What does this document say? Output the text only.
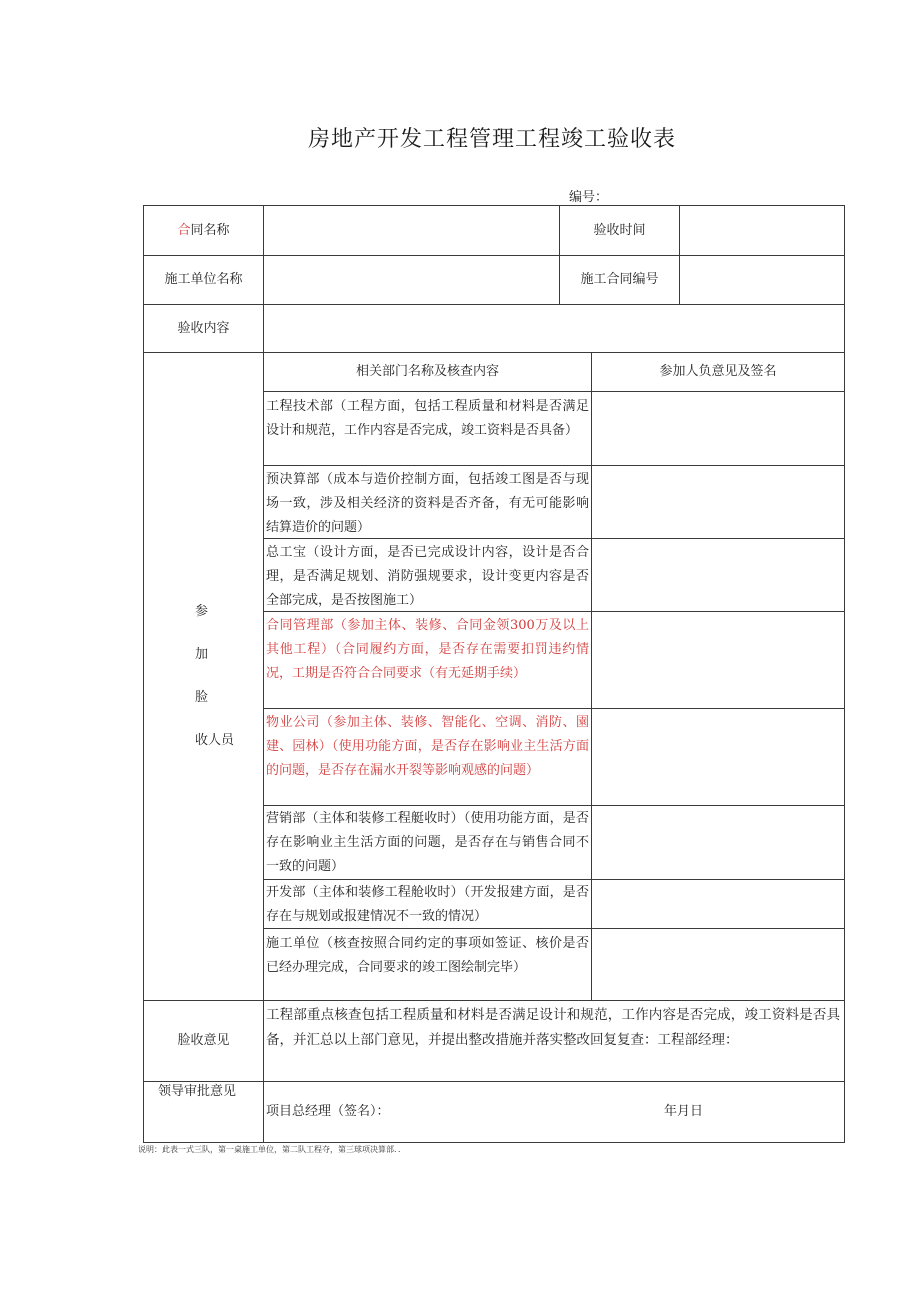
房地产开发工程管理工程竣工验收表
编号：
合 同名称	验收时间
施工单位名称	施工合同编号
验收内容
相关部门名称及核查内容	参加人负意见及签名
参
加
脸
收人员
工程技术部（工程方面，包括工程质量和材料是否满足设计和规范，工作内容是否完成，竣工资料是否具备）
预决算部（成本与造价控制方面，包括竣工图是否与现场一致，涉及相关经济的资料是否齐备，有无可能影响结算造价的问题）
总工宝（设计方面，是否已完成设计内容，设计是否合理，是否满足规划、消防强规要求，设计变更内容是否全部完成，是否按图施工）
合同管理部（参加主体、装修、合同金领300万及以上其他工程）（合同履约方面，是否存在需要扣罚违约情况，工期是否符合合同要求（有无延期手续）
物业公司（参加主体、装修、智能化、空调、消防、園建、园林）（使用功能方面，是否存在影响业主生活方面的问题，是否存在漏水开裂等影响观感的问题）
营销部（主体和装修工程艇收时）（使用功能方面，是否存在影响业主生活方面的问题，是否存在与销售合同不一致的问题）
开发部（主体和装修工程舱收时）（开发报建方面，是否存在与规划或报建情况不一致的情况）
施工单位（核查按照合同约定的事项如签证、核价是否已经办理完成，合同要求的竣工图绘制完毕）
脸收意见
工程部重点核查包括工程质量和材料是否满足设计和规范，工作内容是否完成，竣工资料是否具备，并汇总以上部门意见，并提出整改措施并落实整改回复复查：工程部经理：
领导审批意见
项目总经理（签名）：	年月日
说明：此表一式三队，第一桌施工单位，第二队工程夺，第三球项决算部．．
